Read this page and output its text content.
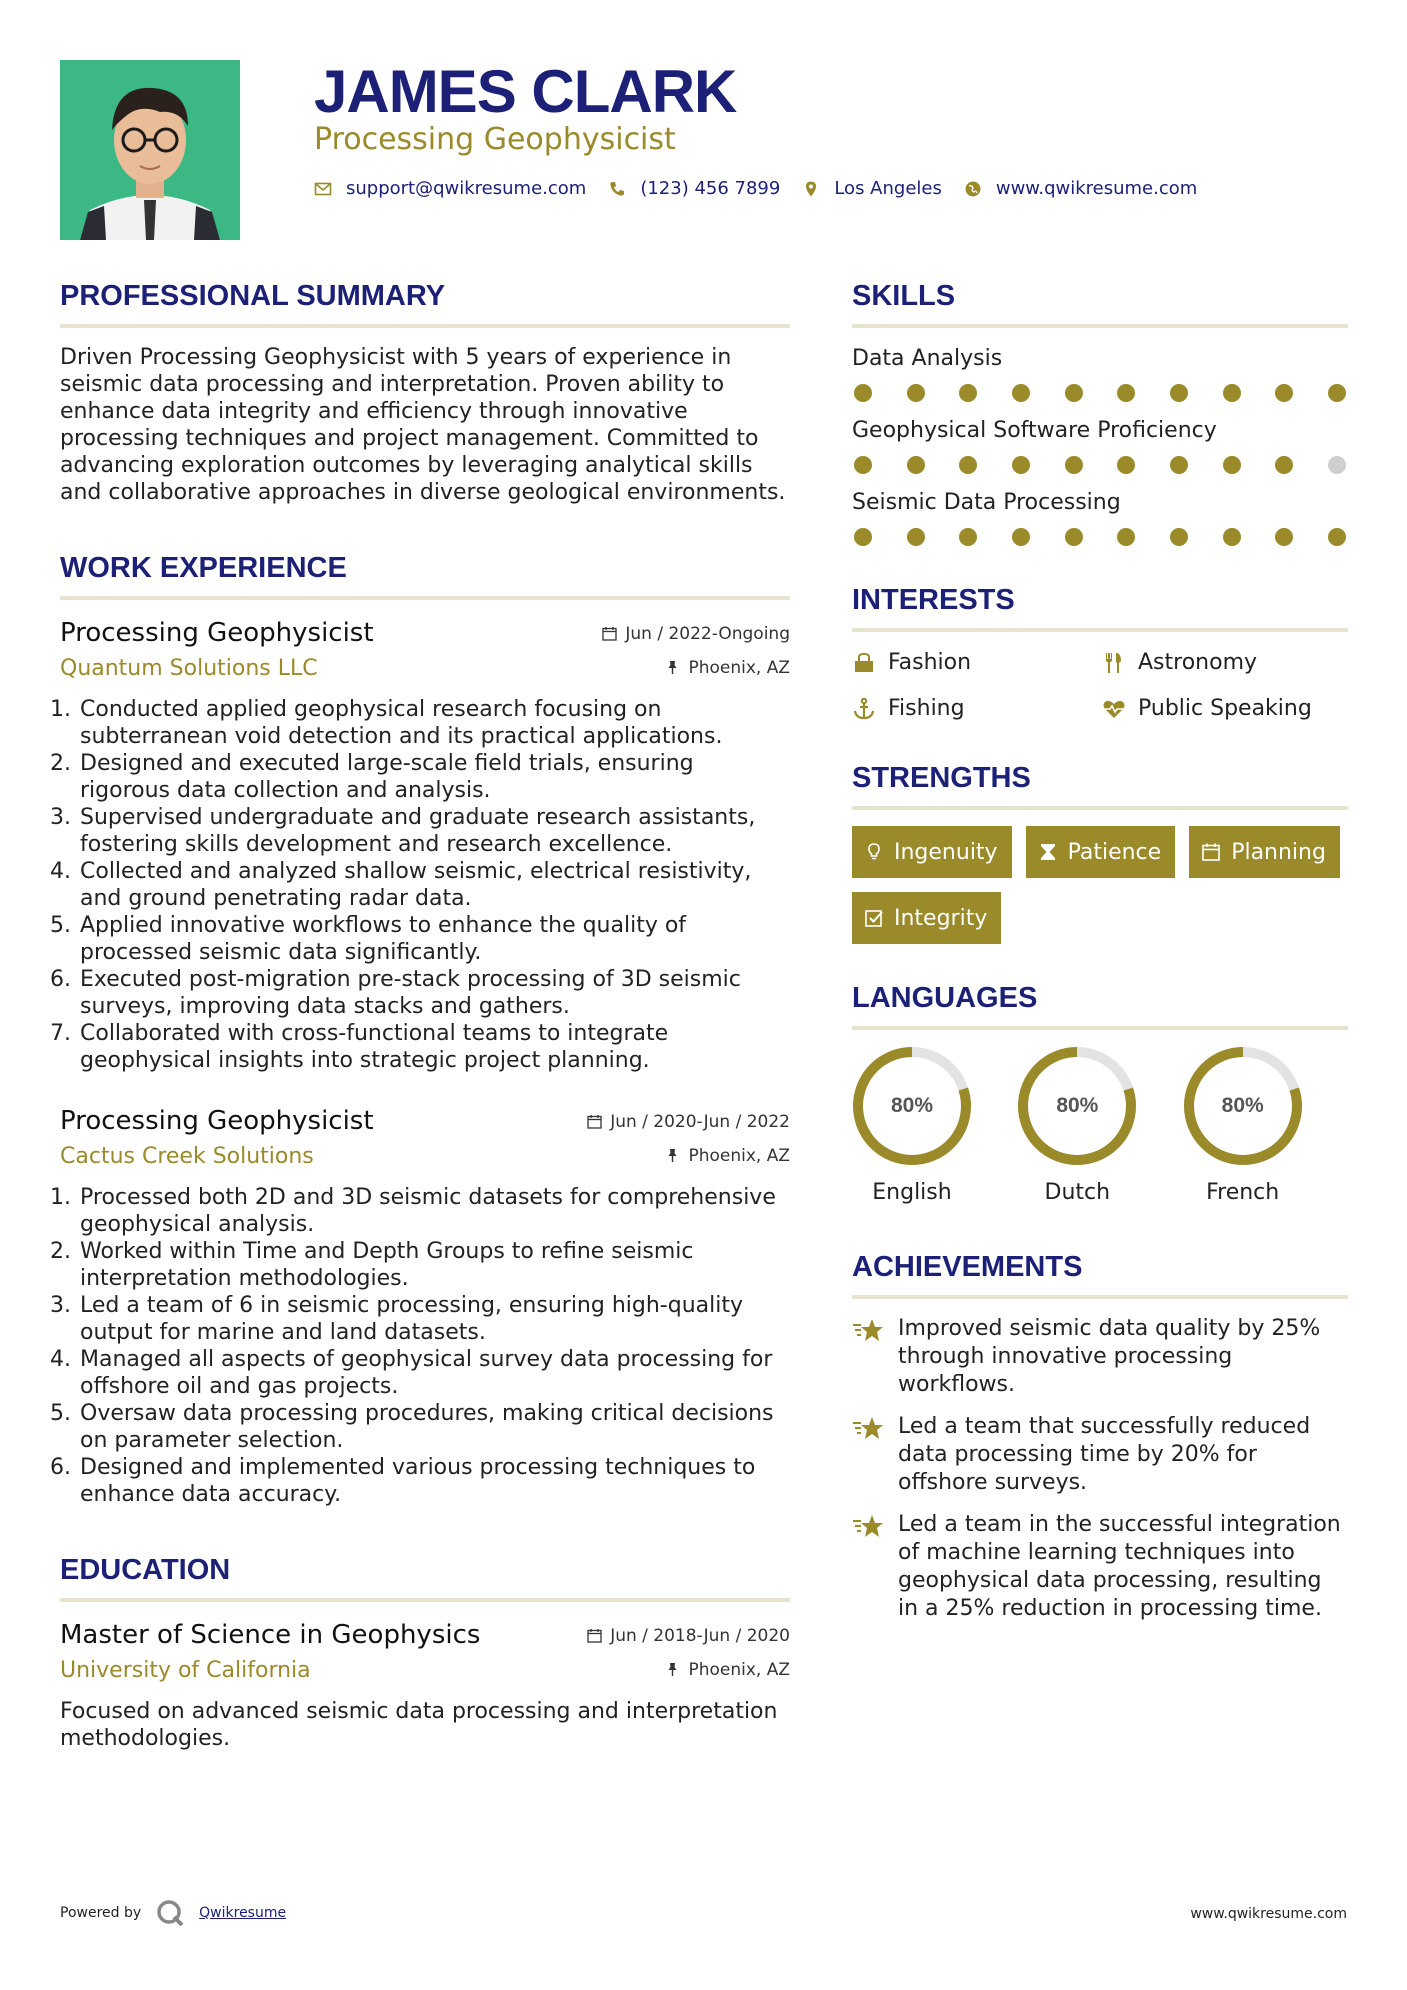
JAMES CLARK
Processing Geophysicist
support@qwikresume.com	(123) 456 7899	Los Angeles	www.qwikresume.com
PROFESSIONAL SUMMARY

Driven Processing Geophysicist with 5 years of experience in seismic data processing and interpretation. Proven ability to enhance data integrity and efficiency through innovative processing techniques and project management. Committed to advancing exploration outcomes by leveraging analytical skills and collaborative approaches in diverse geological environments.

WORK EXPERIENCE
Processing Geophysicist	Jun / 2022-Ongoing
Quantum Solutions LLC	Phoenix, AZ
1. Conducted applied geophysical research focusing on subterranean void detection and its practical applications.
2. Designed and executed large-scale field trials, ensuring rigorous data collection and analysis.
3. Supervised undergraduate and graduate research assistants, fostering skills development and research excellence.
4. Collected and analyzed shallow seismic, electrical resistivity, and ground penetrating radar data.
5. Applied innovative workflows to enhance the quality of processed seismic data significantly.
6. Executed post-migration pre-stack processing of 3D seismic surveys, improving data stacks and gathers.
7. Collaborated with cross-functional teams to integrate geophysical insights into strategic project planning.
Processing Geophysicist	Jun / 2020-Jun / 2022
Cactus Creek Solutions	Phoenix, AZ
1. Processed both 2D and 3D seismic datasets for comprehensive geophysical analysis.
2. Worked within Time and Depth Groups to refine seismic interpretation methodologies.
3. Led a team of 6 in seismic processing, ensuring high-quality output for marine and land datasets.
4. Managed all aspects of geophysical survey data processing for offshore oil and gas projects.
5. Oversaw data processing procedures, making critical decisions on parameter selection.
6. Designed and implemented various processing techniques to enhance data accuracy.
EDUCATION
Master of Science in Geophysics	Jun / 2018-Jun / 2020
University of California	Phoenix, AZ

Focused on advanced seismic data processing and interpretation methodologies.

SKILLS
Data Analysis
Geophysical Software Proficiency
Seismic Data Processing
INTERESTS
Fashion	Astronomy
Fishing	Public Speaking
STRENGTHS
Ingenuity	Patience	Planning
Integrity
LANGUAGES
80%
English
80%
Dutch
80%
French
ACHIEVEMENTS
Improved seismic data quality by 25% through innovative processing workflows.
Led a team that successfully reduced data processing time by 20% for offshore surveys.
Led a team in the successful integration of machine learning techniques into geophysical data processing, resulting in a 25% reduction in processing time.
Powered by	Qwikresume	www.qwikresume.com
